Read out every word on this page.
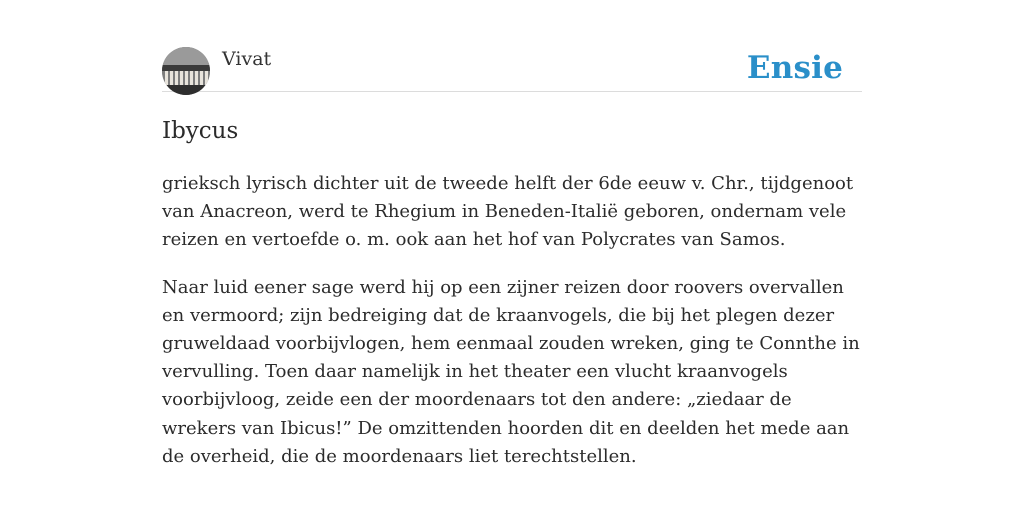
Vivat	Ensie
Ibycus

grieksch lyrisch dichter uit de tweede helft der 6de eeuw v. Chr., tijdgenoot van Anacreon, werd te Rhegium in Beneden-Italië geboren, ondernam vele reizen en vertoefde o. m. ook aan het hof van Polycrates van Samos.

Naar luid eener sage werd hij op een zijner reizen door roovers overvallen en vermoord; zijn bedreiging dat de kraanvogels, die bij het plegen dezer gruweldaad voorbijvlogen, hem eenmaal zouden wreken, ging te Connthe in vervulling. Toen daar namelijk in het theater een vlucht kraanvogels voorbijvloog, zeide een der moordenaars tot den andere: „ziedaar de wrekers van Ibicus!” De omzittenden hoorden dit en deelden het mede aan de overheid, die de moordenaars liet terechtstellen.
